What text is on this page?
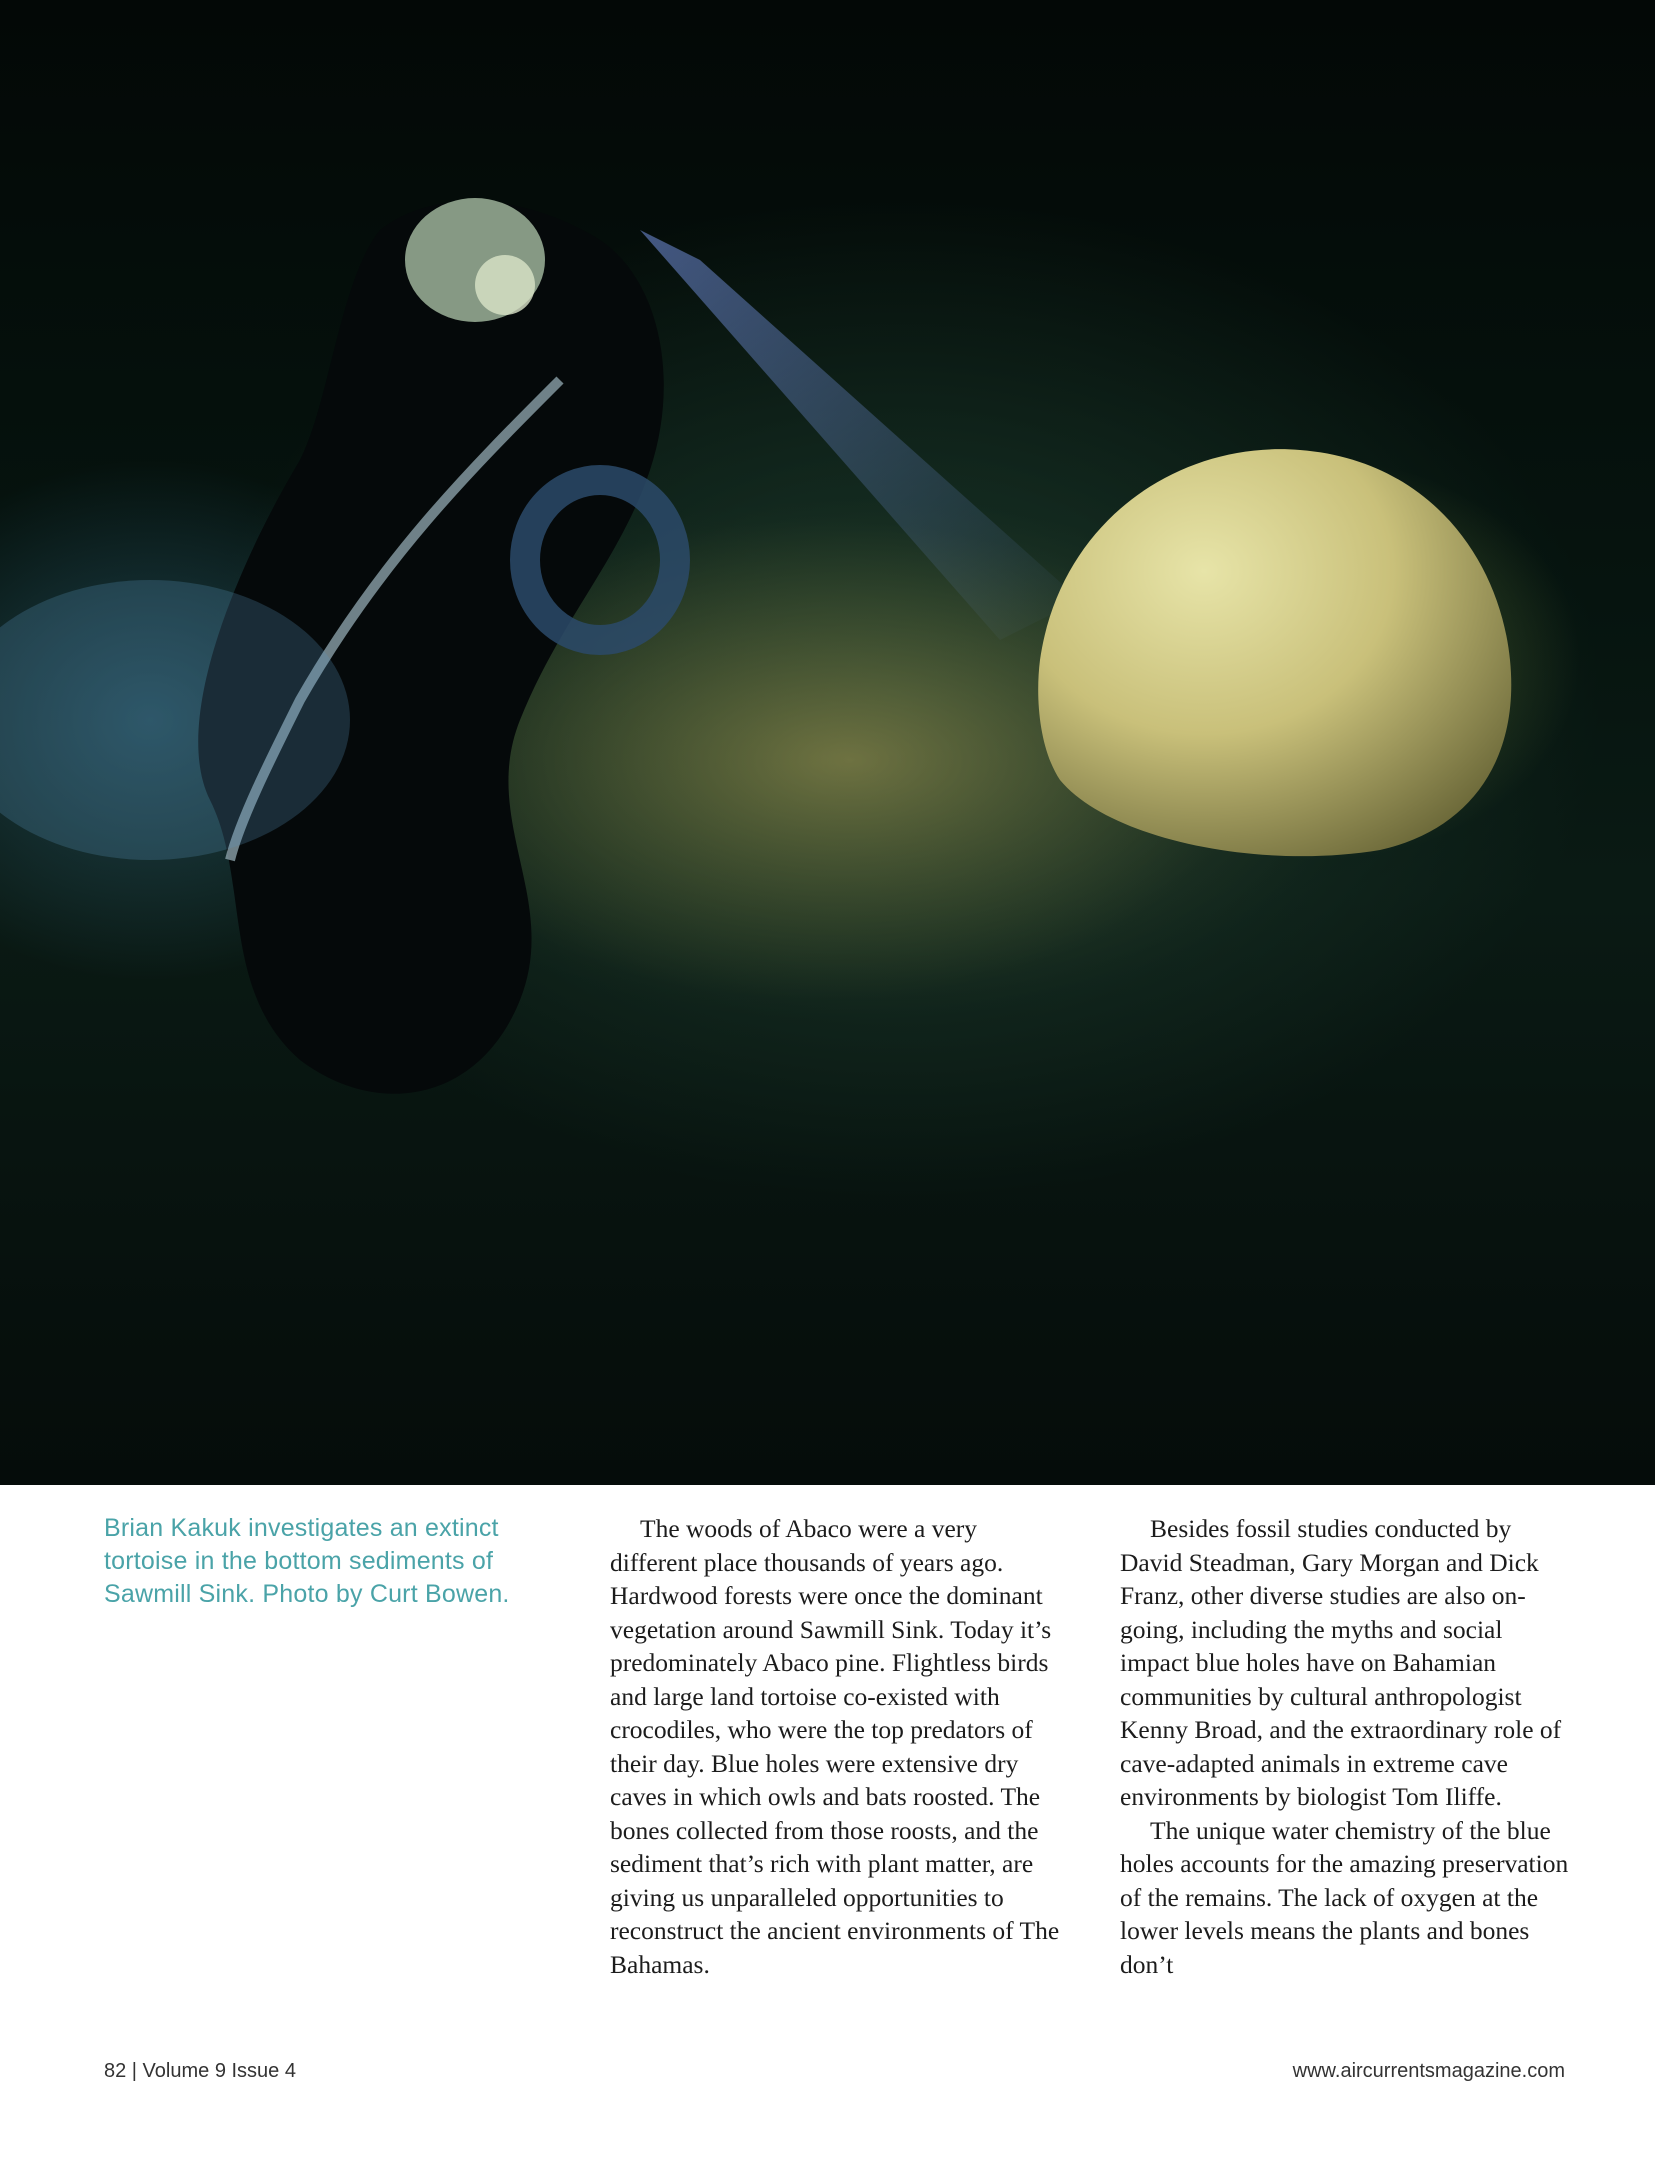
Brian Kakuk investigates an extinct tortoise in the bottom sediments of Sawmill Sink. Photo by Curt Bowen.

The woods of Abaco were a very different place thousands of years ago. Hardwood forests were once the dominant vegetation around Sawmill Sink. Today it’s predominately Abaco pine. Flightless birds and large land tortoise co-existed with crocodiles, who were the top predators of their day. Blue holes were extensive dry caves in which owls and bats roosted. The bones collected from those roosts, and the sediment that’s rich with plant matter, are giving us unparalleled opportunities to reconstruct the ancient environments of The Bahamas.

Besides fossil studies conducted by David Steadman, Gary Morgan and Dick Franz, other diverse studies are also on-going, including the myths and social impact blue holes have on Bahamian communities by cultural anthropologist Kenny Broad, and the extraordinary role of cave-adapted animals in extreme cave environments by biologist Tom Iliffe.

The unique water chemistry of the blue holes accounts for the amazing preservation of the remains. The lack of oxygen at the lower levels means the plants and bones don’t

82 | Volume 9 Issue 4	www.aircurrentsmagazine.com
